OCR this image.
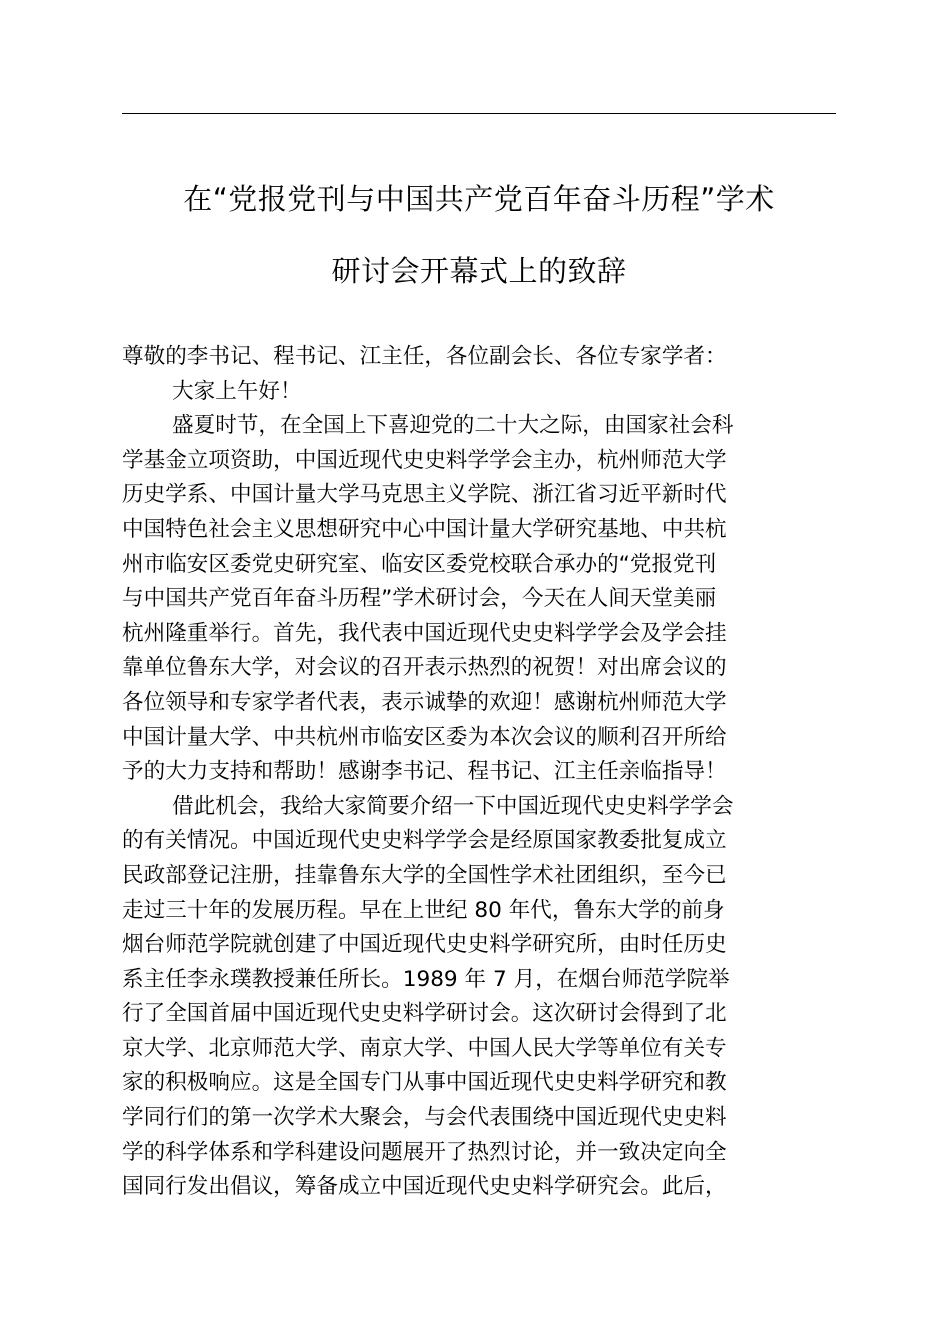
在“党报党刊与中国共产党百年奋斗历程”学术
研讨会开幕式上的致辞
尊敬的李书记、程书记、江主任，各位副会长、各位专家学者：
大家上午好！
盛夏时节，在全国上下喜迎党的二十大之际，由国家社会科
学基金立项资助，中国近现代史史料学学会主办，杭州师范大学
历史学系、中国计量大学马克思主义学院、浙江省习近平新时代
中国特色社会主义思想研究中心中国计量大学研究基地、中共杭
州市临安区委党史研究室、临安区委党校联合承办的“党报党刊
与中国共产党百年奋斗历程”学术研讨会，今天在人间天堂美丽
杭州隆重举行。首先，我代表中国近现代史史料学学会及学会挂
靠单位鲁东大学，对会议的召开表示热烈的祝贺！对出席会议的
各位领导和专家学者代表，表示诚挚的欢迎！感谢杭州师范大学
中国计量大学、中共杭州市临安区委为本次会议的顺利召开所给
予的大力支持和帮助！感谢李书记、程书记、江主任亲临指导！
借此机会，我给大家简要介绍一下中国近现代史史料学学会
的有关情况。中国近现代史史料学学会是经原国家教委批复成立
民政部登记注册，挂靠鲁东大学的全国性学术社团组织，至今已
走过三十年的发展历程。早在上世纪 80 年代，鲁东大学的前身
烟台师范学院就创建了中国近现代史史料学研究所，由时任历史
系主任李永璞教授兼任所长。1989 年 7 月，在烟台师范学院举
行了全国首届中国近现代史史料学研讨会。这次研讨会得到了北
京大学、北京师范大学、南京大学、中国人民大学等单位有关专
家的积极响应。这是全国专门从事中国近现代史史料学研究和教
学同行们的第一次学术大聚会，与会代表围绕中国近现代史史料
学的科学体系和学科建设问题展开了热烈讨论，并一致决定向全
国同行发出倡议，筹备成立中国近现代史史料学研究会。此后，
